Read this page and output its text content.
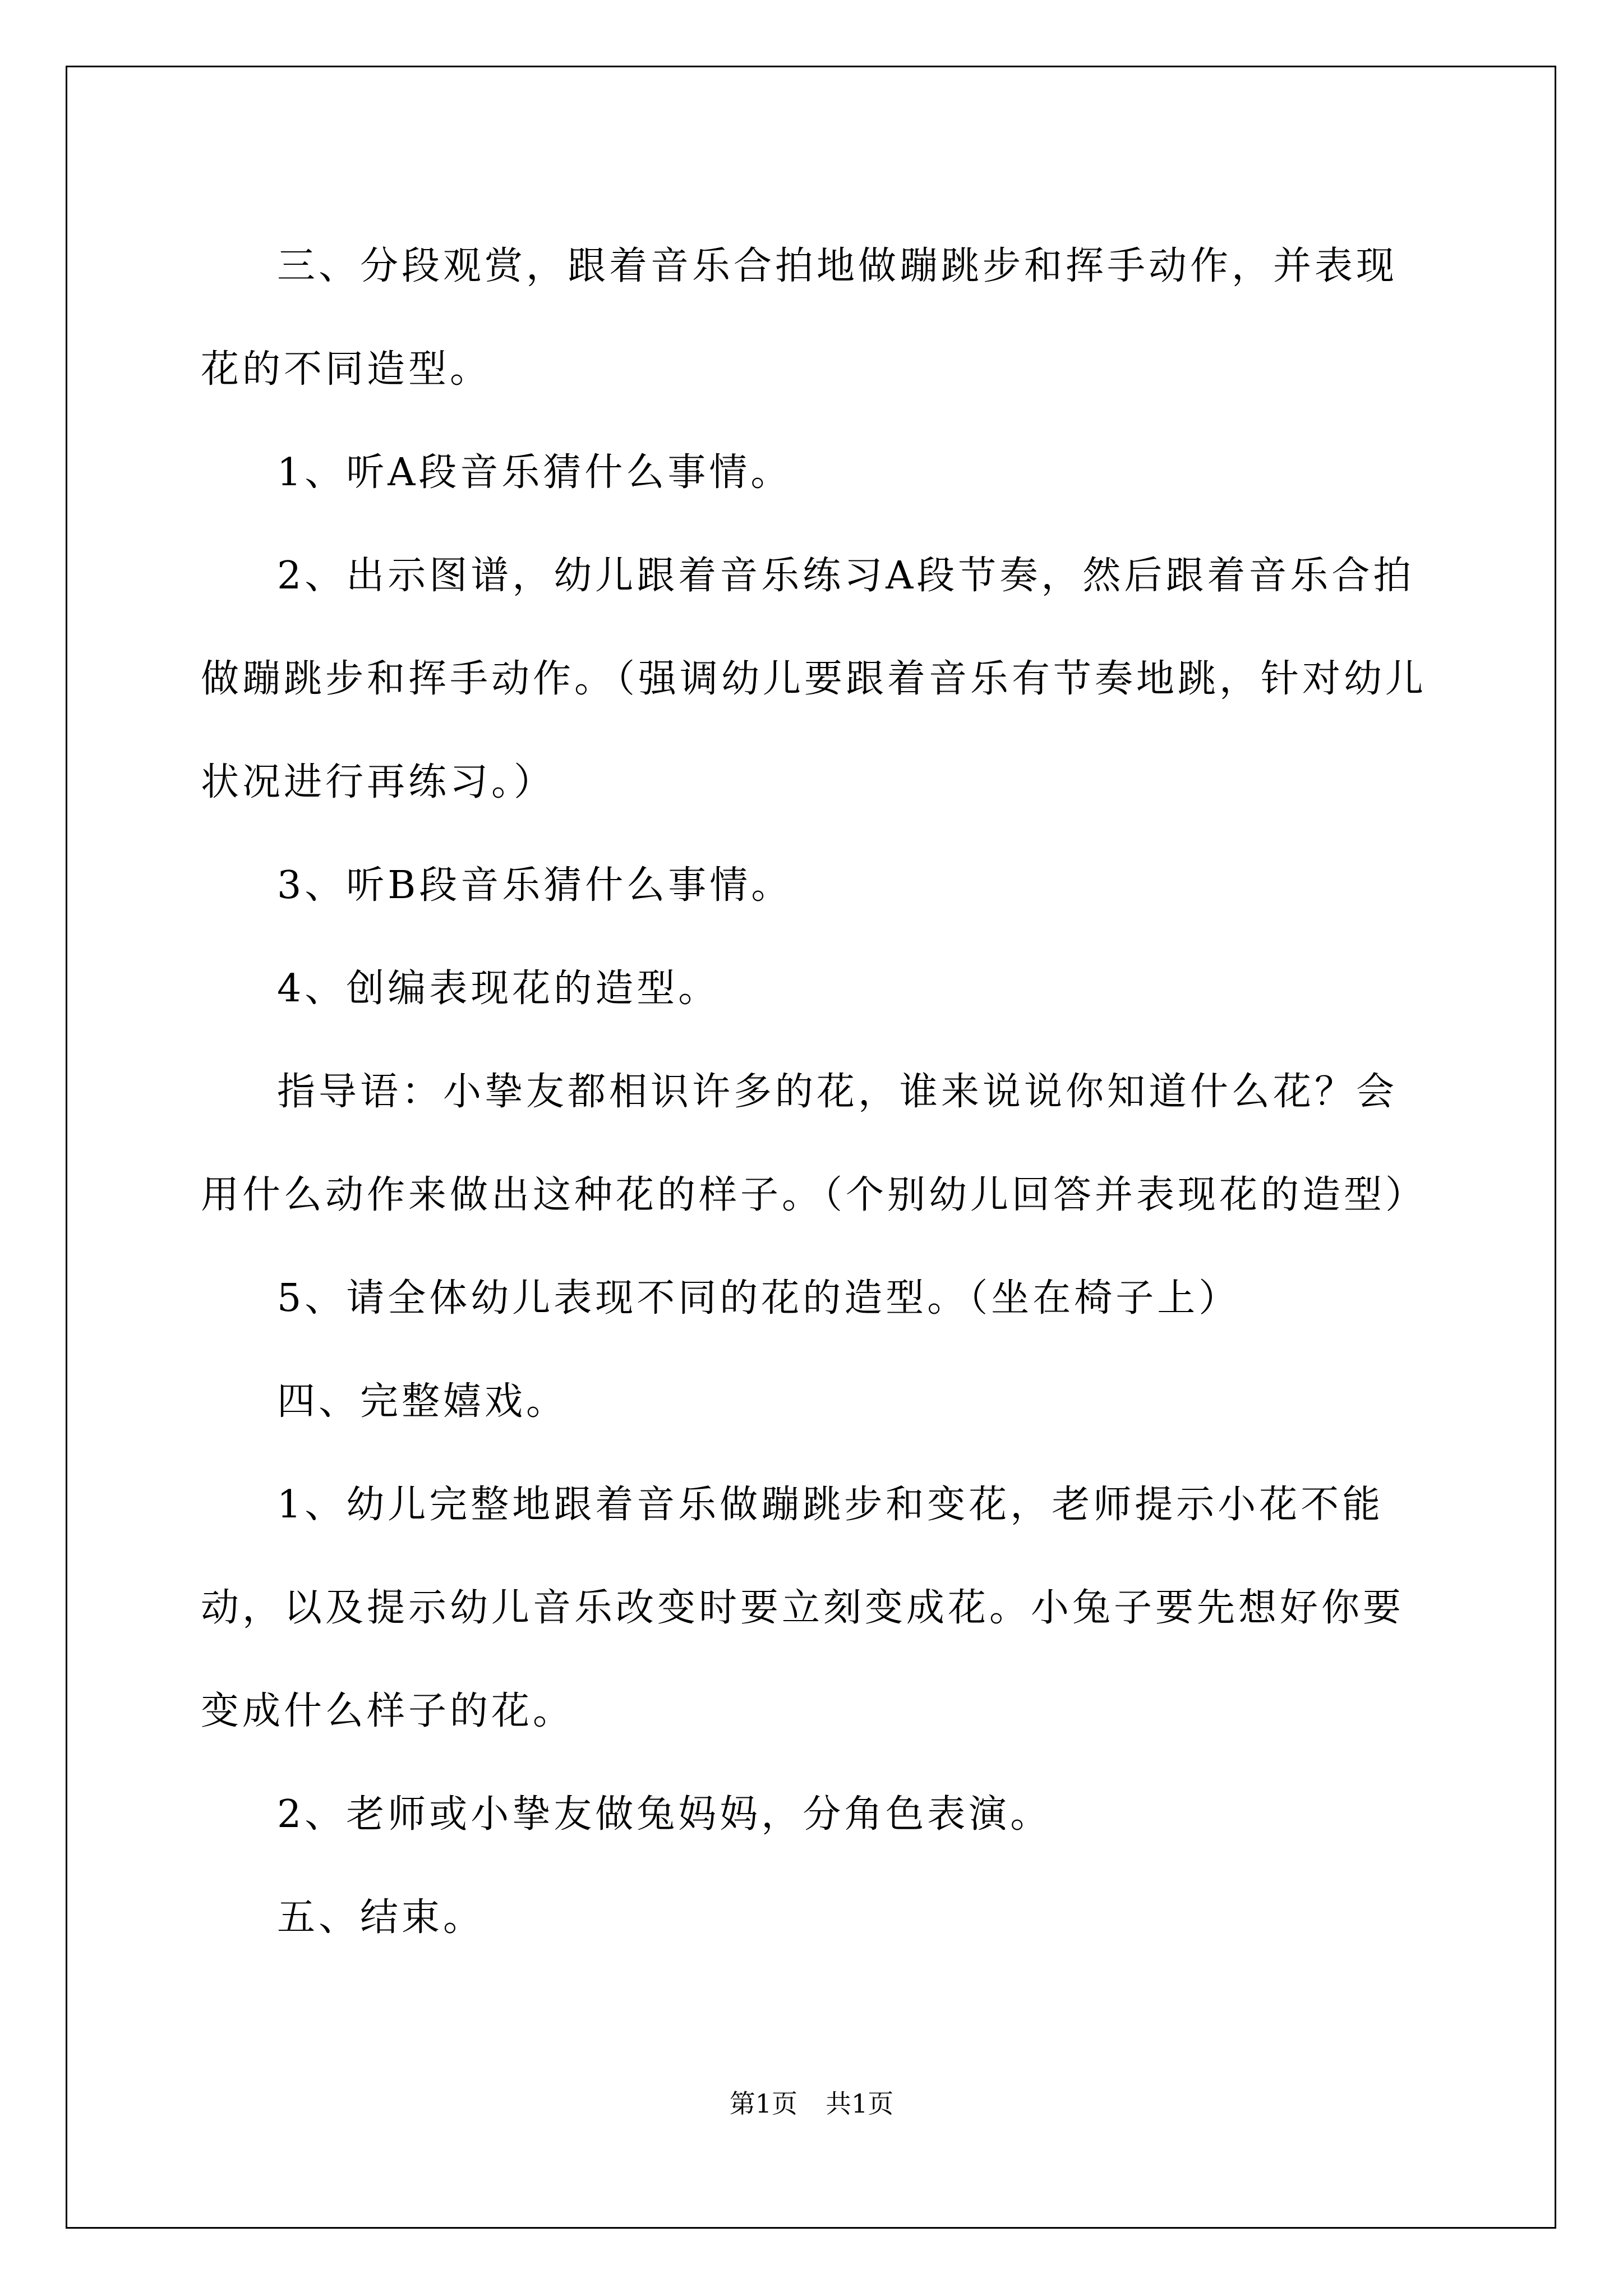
三、分段观赏，跟着音乐合拍地做蹦跳步和挥手动作，并表现花的不同造型。

1、听A段音乐猜什么事情。

2、出示图谱，幼儿跟着音乐练习A段节奏，然后跟着音乐合拍做蹦跳步和挥手动作。（强调幼儿要跟着音乐有节奏地跳，针对幼儿状况进行再练习。）

3、听B段音乐猜什么事情。

4、创编表现花的造型。

指导语：小挚友都相识许多的花，谁来说说你知道什么花？会用什么动作来做出这种花的样子。（个别幼儿回答并表现花的造型）

5、请全体幼儿表现不同的花的造型。（坐在椅子上）

四、完整嬉戏。

1、幼儿完整地跟着音乐做蹦跳步和变花，老师提示小花不能动，以及提示幼儿音乐改变时要立刻变成花。小兔子要先想好你要变成什么样子的花。

2、老师或小挚友做兔妈妈，分角色表演。

五、结束。

第1页 共1页
